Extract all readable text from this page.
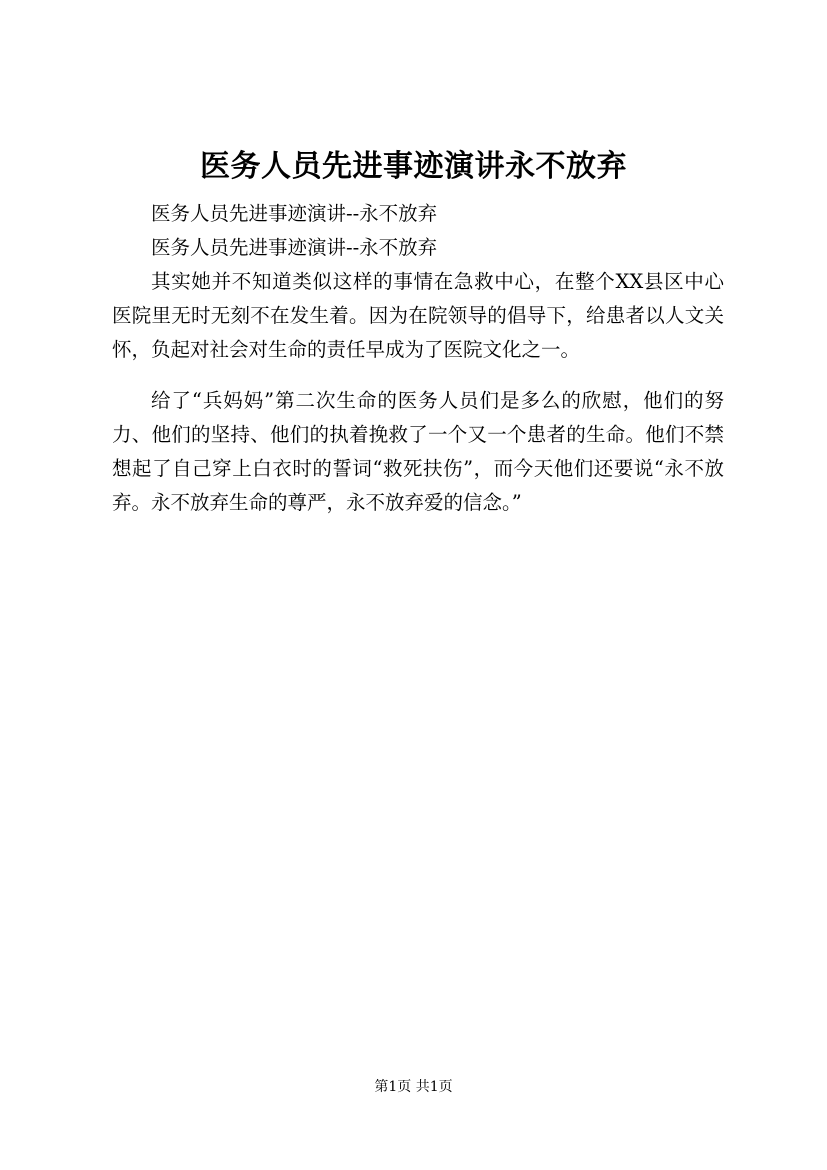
医务人员先进事迹演讲永不放弃

医务人员先进事迹演讲--永不放弃

医务人员先进事迹演讲--永不放弃

其实她并不知道类似这样的事情在急救中心，在整个XX县区中心医院里无时无刻不在发生着。因为在院领导的倡导下，给患者以人文关怀，负起对社会对生命的责任早成为了医院文化之一。

给了“兵妈妈”第二次生命的医务人员们是多么的欣慰，他们的努力、他们的坚持、他们的执着挽救了一个又一个患者的生命。他们不禁想起了自己穿上白衣时的誓词“救死扶伤”，而今天他们还要说“永不放弃。永不放弃生命的尊严，永不放弃爱的信念。”

第1页 共1页
